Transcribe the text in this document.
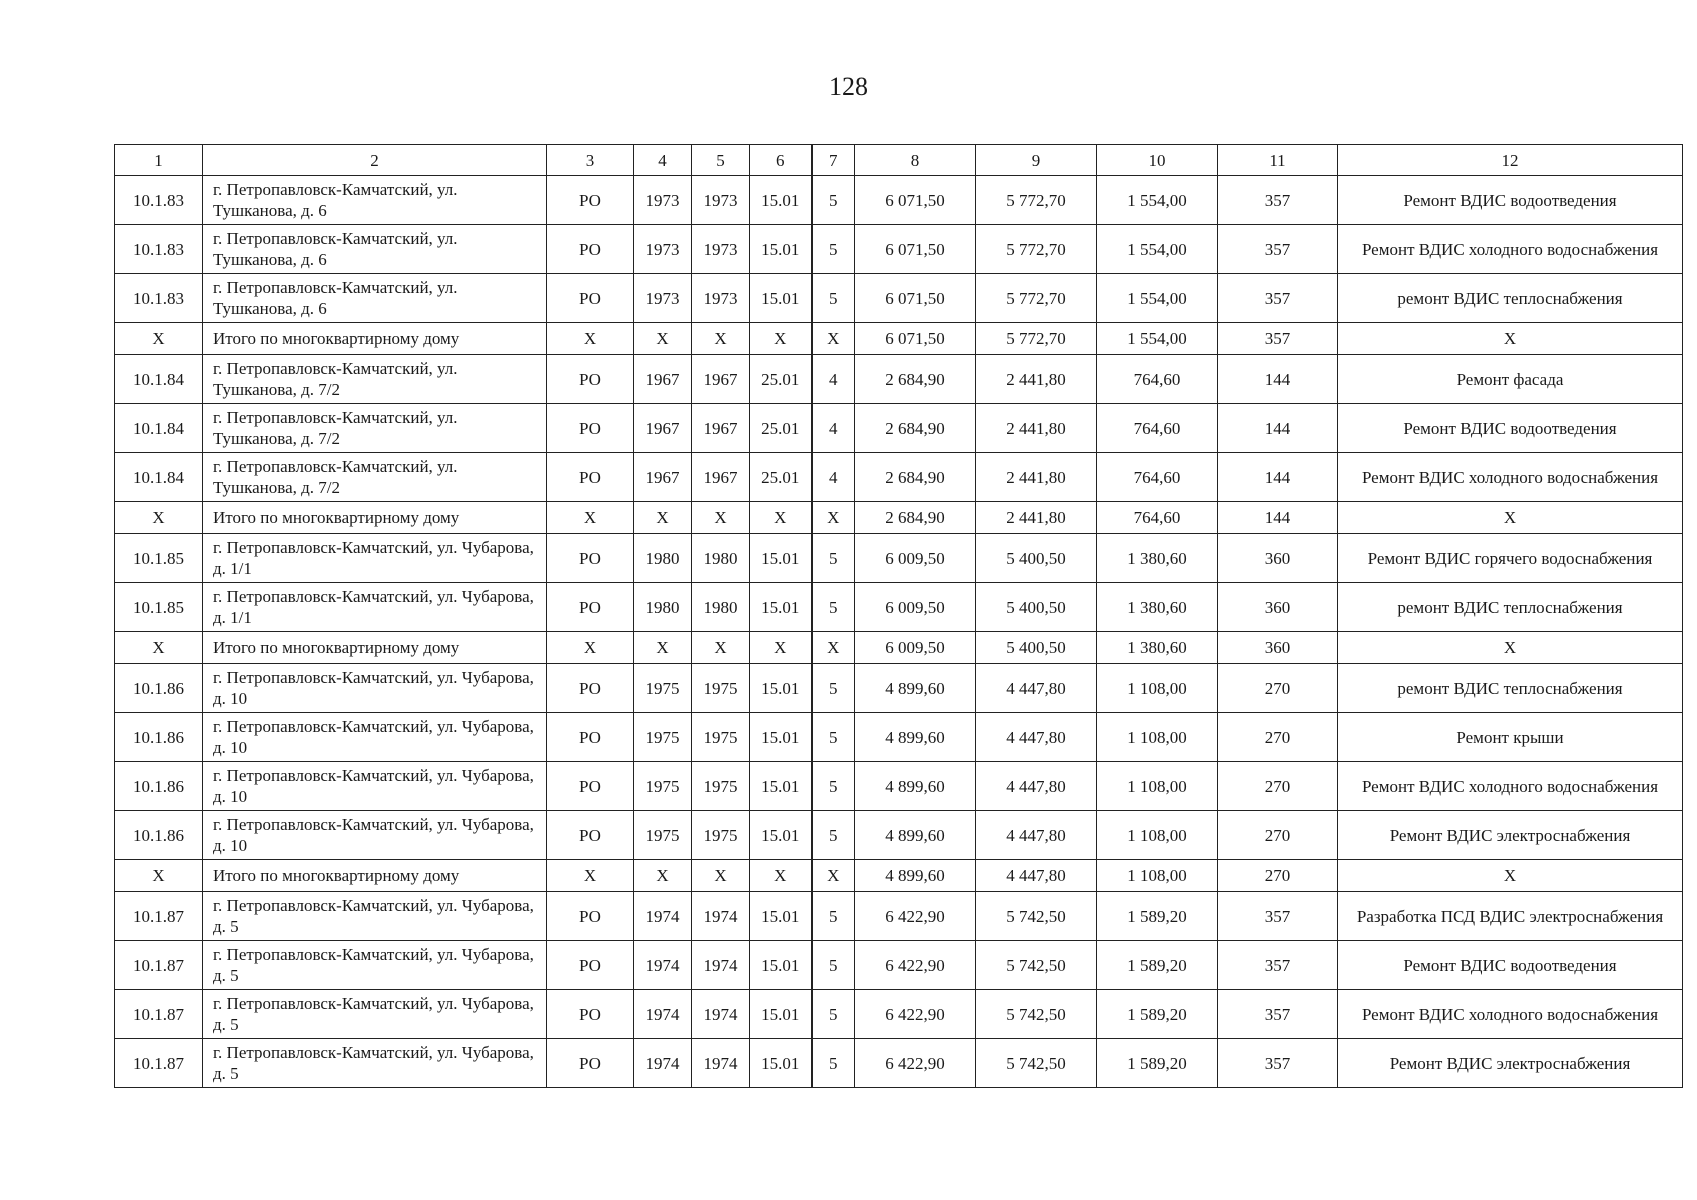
128
1	2	3	4	5	6	7	8	9	10	11	12
10.1.83	г. Петропавловск-Камчатский, ул. Тушканова, д. 6	РО	1973	1973	15.01	5	6 071,50	5 772,70	1 554,00	357	Ремонт ВДИС водоотведения
10.1.83	г. Петропавловск-Камчатский, ул. Тушканова, д. 6	РО	1973	1973	15.01	5	6 071,50	5 772,70	1 554,00	357	Ремонт ВДИС холодного водоснабжения
10.1.83	г. Петропавловск-Камчатский, ул. Тушканова, д. 6	РО	1973	1973	15.01	5	6 071,50	5 772,70	1 554,00	357	ремонт ВДИС теплоснабжения
X	Итого по многоквартирному дому	X	X	X	X	X	6 071,50	5 772,70	1 554,00	357	X
10.1.84	г. Петропавловск-Камчатский, ул. Тушканова, д. 7/2	РО	1967	1967	25.01	4	2 684,90	2 441,80	764,60	144	Ремонт фасада
10.1.84	г. Петропавловск-Камчатский, ул. Тушканова, д. 7/2	РО	1967	1967	25.01	4	2 684,90	2 441,80	764,60	144	Ремонт ВДИС водоотведения
10.1.84	г. Петропавловск-Камчатский, ул. Тушканова, д. 7/2	РО	1967	1967	25.01	4	2 684,90	2 441,80	764,60	144	Ремонт ВДИС холодного водоснабжения
X	Итого по многоквартирному дому	X	X	X	X	X	2 684,90	2 441,80	764,60	144	X
10.1.85	г. Петропавловск-Камчатский, ул. Чубарова, д. 1/1	РО	1980	1980	15.01	5	6 009,50	5 400,50	1 380,60	360	Ремонт ВДИС горячего водоснабжения
10.1.85	г. Петропавловск-Камчатский, ул. Чубарова, д. 1/1	РО	1980	1980	15.01	5	6 009,50	5 400,50	1 380,60	360	ремонт ВДИС теплоснабжения
X	Итого по многоквартирному дому	X	X	X	X	X	6 009,50	5 400,50	1 380,60	360	X
10.1.86	г. Петропавловск-Камчатский, ул. Чубарова, д. 10	РО	1975	1975	15.01	5	4 899,60	4 447,80	1 108,00	270	ремонт ВДИС теплоснабжения
10.1.86	г. Петропавловск-Камчатский, ул. Чубарова, д. 10	РО	1975	1975	15.01	5	4 899,60	4 447,80	1 108,00	270	Ремонт крыши
10.1.86	г. Петропавловск-Камчатский, ул. Чубарова, д. 10	РО	1975	1975	15.01	5	4 899,60	4 447,80	1 108,00	270	Ремонт ВДИС холодного водоснабжения
10.1.86	г. Петропавловск-Камчатский, ул. Чубарова, д. 10	РО	1975	1975	15.01	5	4 899,60	4 447,80	1 108,00	270	Ремонт ВДИС электроснабжения
X	Итого по многоквартирному дому	X	X	X	X	X	4 899,60	4 447,80	1 108,00	270	X
10.1.87	г. Петропавловск-Камчатский, ул. Чубарова, д. 5	РО	1974	1974	15.01	5	6 422,90	5 742,50	1 589,20	357	Разработка ПСД ВДИС электроснабжения
10.1.87	г. Петропавловск-Камчатский, ул. Чубарова, д. 5	РО	1974	1974	15.01	5	6 422,90	5 742,50	1 589,20	357	Ремонт ВДИС водоотведения
10.1.87	г. Петропавловск-Камчатский, ул. Чубарова, д. 5	РО	1974	1974	15.01	5	6 422,90	5 742,50	1 589,20	357	Ремонт ВДИС холодного водоснабжения
10.1.87	г. Петропавловск-Камчатский, ул. Чубарова, д. 5	РО	1974	1974	15.01	5	6 422,90	5 742,50	1 589,20	357	Ремонт ВДИС электроснабжения
